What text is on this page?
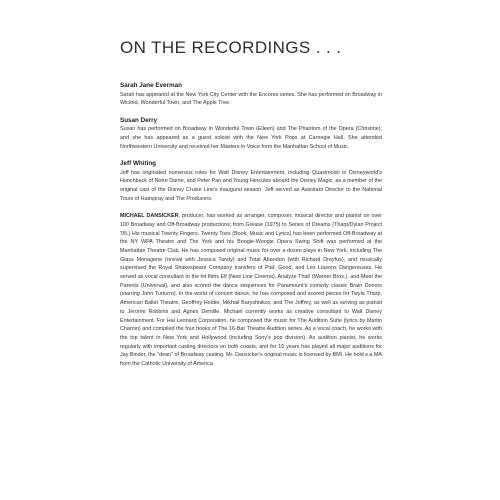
ON THE RECORDINGS . . .

Sarah Jane Everman

Sarah has appeared at the New York City Center with the Encores series. She has performed on Broadway in Wicked, Wonderful Town, and The Apple Tree.

Susan Derry

Susan has performed on Broadway in Wonderful Town (Eileen) and The Phantom of the Opera (Christine); and she has appeared as a guest soloist with the New York Pops at Carnegie Hall. She attended Northwestern University and received her Masters in Voice form the Manhattan School of Music.

Jeff Whiting

Jeff has originated numerous roles for Walt Disney Entertainment, including Quasimodo in Disneyworld's Hunchback of Notre Dame, and Peter Pan and Young Hercules aboard the Disney Magic, as a member of the original cast of the Disney Cruise Line's inaugural season. Jeff served as Assistant Director to the National Tours of Hairspray and The Producers.

MICHAEL DANSICKER, producer, has worked as arranger, composer, musical director and pianist on over 100 Broadway and Off-Broadway productions; from Grease (1975) to Series of Dreams (Tharp/Dylan Project '05.) His musical Twenty Fingers, Twenty Toes (Book, Music and Lyrics) has been performed Off-Broadway at the NY WPA Theatre and The York and his Boogie-Woogie Opera Swing Shift was performed at the Manhattan Theatre Club. He has composed original music for over a dozen plays in New York, including The Glass Menagerie (revival with Jessica Tandy) and Total Abandon (with Richard Dreyfus), and musically supervised the Royal Shakespeare Company transfers of Piaf, Good, and Les Liasons Dangereuses. He served as vocal consultant to the hit films Elf (New Line Cinema), Analyze That! (Warner Bros.), and Meet the Parents (Universal), and also scored the dance sequences for Paramount's comedy classic Brain Donors (starring John Turturro). In the world of concert dance, he has composed and scored pieces for Twyla Tharp, American Ballet Theatre, Geoffrey Holder, Mikhail Baryshnikov, and The Joffrey, as well as serving as pianist to Jerome Robbins and Agnes Demille. Michael currently works as creative consultant to Walt Disney Entertainment. For Hal Leonard Corporation, he composed the music for The Audition Suite (lyrics by Martin Charnin) and compiled the four books of The 16-Bar Theatre Audition series. As a vocal coach, he works with the top talent in New York and Hollywood (including Sony's pop division). As audition pianist, he works regularly with important casting directors on both coasts, and for 15 years has played all major auditions for Jay Binder, the "dean" of Broadway casting. Mr. Dansicker's original music is licensed by BMI. He hold s a MA from the Catholic University of America.
